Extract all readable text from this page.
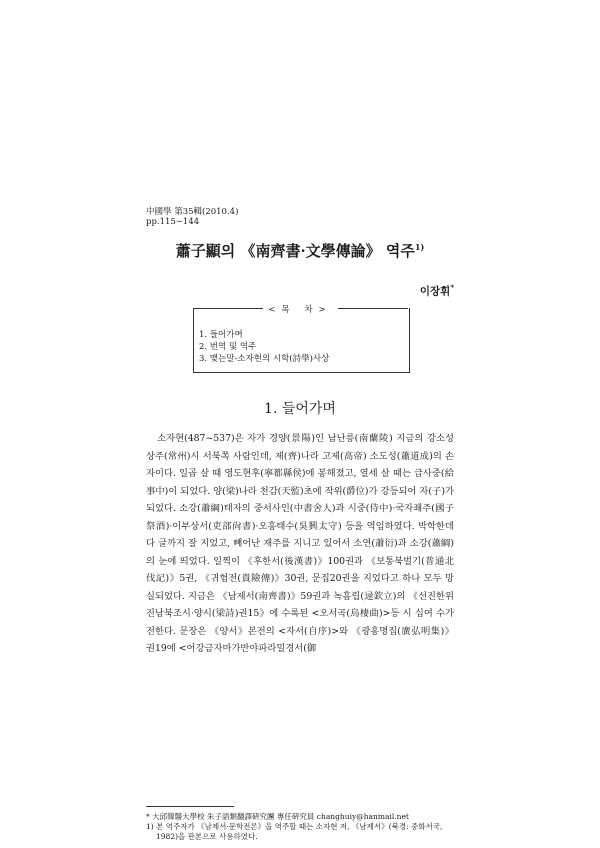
中國學 第35輯(2010.4)
pp.115∼144
蕭子顯의 《南齊書·文學傳論》 역주$^{1)}$
이장휘*
<목 차>
1. 들어가며
2. 번역 및 역주
3. 맺는말-소자현의 시학(詩學)사상
1. 들어가며
소자현(487~537)은 자가 경양(景陽)인 남난릉(南蘭陵) 지금의 강소성 상주(常州)시 서북쪽 사람인데, 제(齊)나라 고제(高帝) 소도성(蕭道成)의 손자이다. 일곱 살 때 영도현후(寧都縣侯)에 봉해졌고, 열세 살 때는 급사중(給事中)이 되었다. 양(梁)나라 천감(天監)초에 작위(爵位)가 강등되어 자(子)가 되었다. 소강(蕭綱)태자의 중서사인(中書舍人)과 시중(侍中)·국자좨주(國子祭酒)·이부상서(吏部尙書)·오흥태수(吳興太守) 등을 역임하였다. 박학한데다 글까지 잘 지었고, 빼어난 재주를 지니고 있어서 소연(蕭衍)과 소강(蕭綱)의 눈에 띄었다. 일찍이 《후한서(後漢書)》100권과 《보통북벌기(普通北伐記)》5권, 《귀험전(貴險傳)》30권, 문집20권을 지었다고 하나 모두 망실되었다. 지금은 《남제서(南齊書)》59권과 녹흠립(逯欽立)의 《선진한위진남북조시·양시(梁詩)권15》에 수록된 <오서곡(烏棲曲)>등 시 십여 수가 전한다. 문장은 《양서》본전의 <자서(自序)>와 《광홍명집(廣弘明集)》권19에 <어강금자마가반야파라밀경서(御
* 大邱韓醫大學校 朱子語類翻譯硏究團 專任硏究員 changhuiy@hanmail.net
1) 본 역주자가 《남제서·문학전론》을 역주할 때는 소자현 저, 《남제서》(북경: 중화서국, 1982)을 판본으로 사용하였다.
